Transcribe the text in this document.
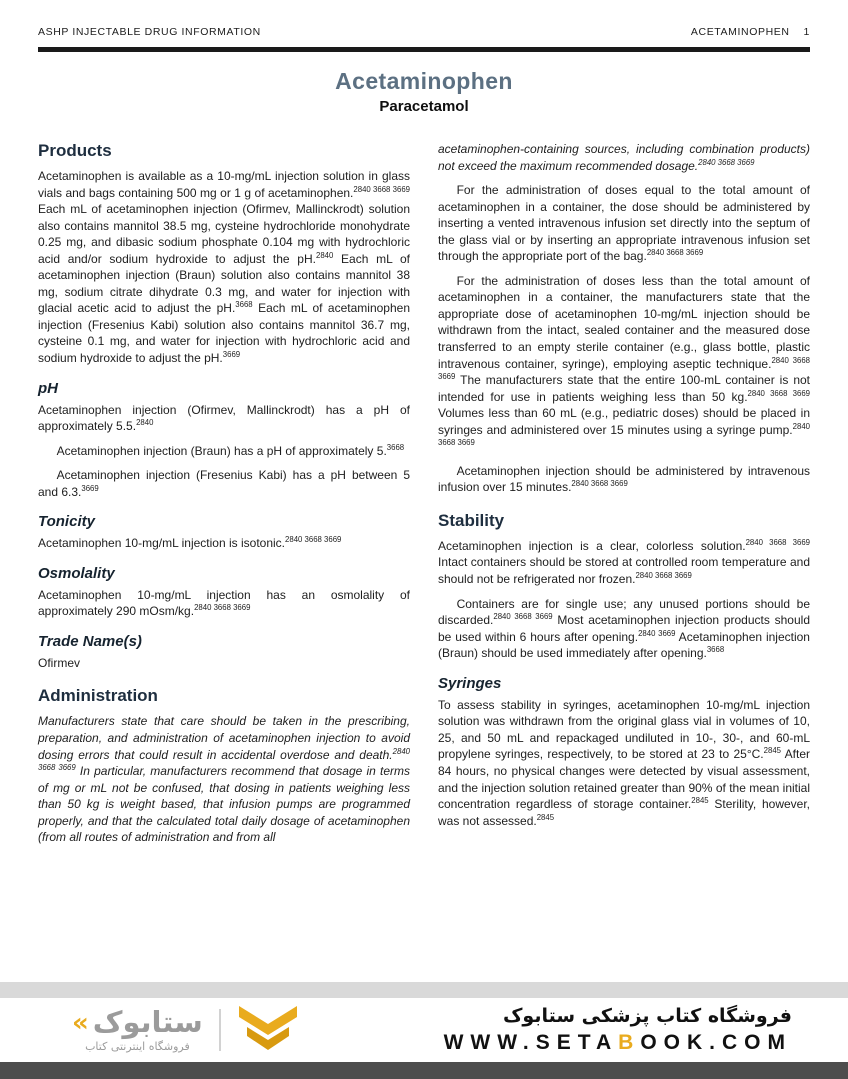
ASHP INJECTABLE DRUG INFORMATION	ACETAMINOPHEN 1
Acetaminophen
Paracetamol
Products

Acetaminophen is available as a 10-mg/mL injection solution in glass vials and bags containing 500 mg or 1 g of acetaminophen.$^{2840 3668 3669}$ Each mL of acetaminophen injection (Ofirmev, Mallinckrodt) solution also contains mannitol 38.5 mg, cysteine hydrochloride monohydrate 0.25 mg, and dibasic sodium phosphate 0.104 mg with hydrochloric acid and/or sodium hydroxide to adjust the pH.$^{2840}$ Each mL of acetaminophen injection (Braun) solution also contains mannitol 38 mg, sodium citrate dihydrate 0.3 mg, and water for injection with glacial acetic acid to adjust the pH.$^{3668}$ Each mL of acetaminophen injection (Fresenius Kabi) solution also contains mannitol 36.7 mg, cysteine 0.1 mg, and water for injection with hydrochloric acid and sodium hydroxide to adjust the pH.$^{3669}$

pH

Acetaminophen injection (Ofirmev, Mallinckrodt) has a pH of approximately 5.5.$^{2840}$

Acetaminophen injection (Braun) has a pH of approximately 5.$^{3668}$

Acetaminophen injection (Fresenius Kabi) has a pH between 5 and 6.3.$^{3669}$

Tonicity

Acetaminophen 10-mg/mL injection is isotonic.$^{2840 3668 3669}$

Osmolality

Acetaminophen 10-mg/mL injection has an osmolality of approximately 290 mOsm/kg.$^{2840 3668 3669}$

Trade Name(s)

Ofirmev

Administration

Manufacturers state that care should be taken in the prescribing, preparation, and administration of acetaminophen injection to avoid dosing errors that could result in accidental overdose and death.$^{2840 3668 3669}$ In particular, manufacturers recommend that dosage in terms of mg or mL not be confused, that dosing in patients weighing less than 50 kg is weight based, that infusion pumps are programmed properly, and that the calculated total daily dosage of acetaminophen (from all routes of administration and from all

acetaminophen-containing sources, including combination products) not exceed the maximum recommended dosage.$^{2840 3668 3669}$

For the administration of doses equal to the total amount of acetaminophen in a container, the dose should be administered by inserting a vented intravenous infusion set directly into the septum of the glass vial or by inserting an appropriate intravenous infusion set through the appropriate port of the bag.$^{2840 3668 3669}$

For the administration of doses less than the total amount of acetaminophen in a container, the manufacturers state that the appropriate dose of acetaminophen 10-mg/mL injection should be withdrawn from the intact, sealed container and the measured dose transferred to an empty sterile container (e.g., glass bottle, plastic intravenous container, syringe), employing aseptic technique.$^{2840 3668 3669}$ The manufacturers state that the entire 100-mL container is not intended for use in patients weighing less than 50 kg.$^{2840 3668 3669}$ Volumes less than 60 mL (e.g., pediatric doses) should be placed in syringes and administered over 15 minutes using a syringe pump.$^{2840 3668 3669}$

Acetaminophen injection should be administered by intravenous infusion over 15 minutes.$^{2840 3668 3669}$

Stability

Acetaminophen injection is a clear, colorless solution.$^{2840 3668 3669}$ Intact containers should be stored at controlled room temperature and should not be refrigerated nor frozen.$^{2840 3668 3669}$

Containers are for single use; any unused portions should be discarded.$^{2840 3668 3669}$ Most acetaminophen injection products should be used within 6 hours after opening.$^{2840 3669}$ Acetaminophen injection (Braun) should be used immediately after opening.$^{3668}$

Syringes

To assess stability in syringes, acetaminophen 10-mg/mL injection solution was withdrawn from the original glass vial in volumes of 10, 25, and 50 mL and repackaged undiluted in 10-, 30-, and 60-mL propylene syringes, respectively, to be stored at 23 to 25°C.$^{2845}$ After 84 hours, no physical changes were detected by visual assessment, and the injection solution retained greater than 90% of the mean initial concentration regardless of storage container.$^{2845}$ Sterility, however, was not assessed.$^{2845}$

« ستابوک
فروشگاه اینترنتی کتاب
فروشگاه کتاب پزشکی ستابوک
WWW.SETABOOK.COM
